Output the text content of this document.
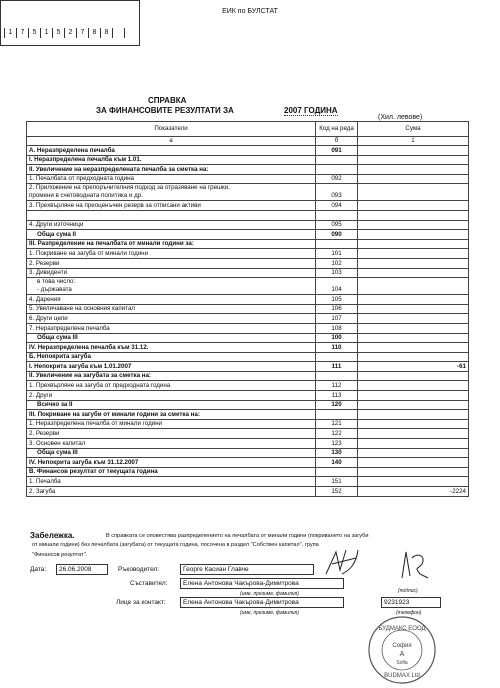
ЕИК по БУЛСТАТ
1	7	5	1	5	2	7	8	8
СПРАВКА
ЗА ФИНАНСОВИТЕ РЕЗУЛТАТИ ЗА	2007 ГОДИНА
(Хил. левове)
Показатели	Код на реда	Сума
а	б	1
А. Неразпределена печалба	091	
I. Неразпределена печалба към 1.01.		
II. Увеличение на неразпределената печалба за сметка на:		
1. Печалбата от предходната година	092	

2. Приложение на препоръчителния подход за отразяване на грешки,
промени в счетоводната политика и др.	093	
3. Прехвърляне на преоценъчен резерв за отписани активи	094	

4. Други източници	095	
Обща сума II	090	
III. Разпределение на печалбата от минали години за:		
1. Покриване на загуба от минали години	101	
2. Резерви	102	
3. Дивиденти	103	

в това число:
- държавата	104	
4. Дарения	105	
5. Увеличаване на основния капитал	106	
6. Други цели	107	
7. Неразпределена печалба	108	
Обща сума III	100	
IV. Неразпределена печалба към 31.12.	110	
Б. Непокрита загуба		
I. Непокрита загуба към 1.01.2007	111	-61
II. Увеличение на загубата за сметка на:		
1. Прехвърляне на загуба от предходната година	112	
2. Други	113	
Всичко за II	120	
III. Покриване на загуби от минали години за сметка на:		
1. Неразпределена печалба от минали години	121	
2. Резерви	122	
3. Основен капитал	123	
Обща сума III	130	
IV. Непокрита загуба към 31.12.2007	140	
В. Финансов резултат от текущата година		
1. Печалба	151	
2. Загуба	152	-2224
Забележка.	В справката се оповестява разпределението на печалбата от минали години (покриването на загуби
от минали години) без печалбата (загубата) от текущата година, посочена в раздел "Собствен капитал", група
"Финансов резултат".
Дата:	26.06.2008	Ръководител:	Георге Касиан Главче
Съставител:	Елена Антонова Чакърова-Димитрова
(име, презиме, фамилия)
Лице за контакт:	Елена Антонова Чакърова-Димитрова
(име, презиме, фамилия)
(подпис)
9231923
(телефон)
БУДМАКС ЕООД
София
A
Sofia
BUDMAX Ltd
